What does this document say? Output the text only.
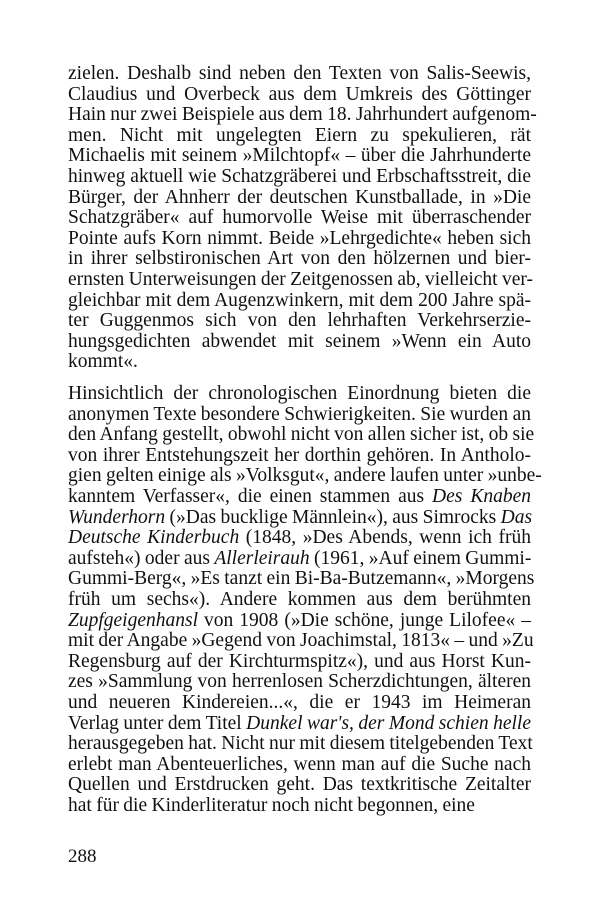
zielen. Deshalb sind neben den Texten von Salis-Seewis,
Claudius und Overbeck aus dem Umkreis des Göttinger
Hain nur zwei Beispiele aus dem 18. Jahrhundert aufgenom-
men. Nicht mit ungelegten Eiern zu spekulieren, rät
Michaelis mit seinem »Milchtopf« – über die Jahrhunderte
hinweg aktuell wie Schatzgräberei und Erbschaftsstreit, die
Bürger, der Ahnherr der deutschen Kunstballade, in »Die
Schatzgräber« auf humorvolle Weise mit überraschender
Pointe aufs Korn nimmt. Beide »Lehrgedichte« heben sich
in ihrer selbstironischen Art von den hölzernen und bier-
ernsten Unterweisungen der Zeitgenossen ab, vielleicht ver-
gleichbar mit dem Augenzwinkern, mit dem 200 Jahre spä-
ter Guggenmos sich von den lehrhaften Verkehrserzie-
hungsgedichten abwendet mit seinem »Wenn ein Auto
kommt«.
Hinsichtlich der chronologischen Einordnung bieten die
anonymen Texte besondere Schwierigkeiten. Sie wurden an
den Anfang gestellt, obwohl nicht von allen sicher ist, ob sie
von ihrer Entstehungszeit her dorthin gehören. In Antholo-
gien gelten einige als »Volksgut«, andere laufen unter »unbe-
kanntem Verfasser«, die einen stammen aus Des Knaben
Wunderhorn (»Das bucklige Männlein«), aus Simrocks Das
Deutsche Kinderbuch (1848, »Des Abends, wenn ich früh
aufsteh«) oder aus Allerleirauh (1961, »Auf einem Gummi-
Gummi-Berg«, »Es tanzt ein Bi-Ba-Butzemann«, »Morgens
früh um sechs«). Andere kommen aus dem berühmten
Zupfgeigenhansl von 1908 (»Die schöne, junge Lilofee« –
mit der Angabe »Gegend von Joachimstal, 1813« – und »Zu
Regensburg auf der Kirchturmspitz«), und aus Horst Kun-
zes »Sammlung von herrenlosen Scherzdichtungen, älteren
und neueren Kindereien...«, die er 1943 im Heimeran
Verlag unter dem Titel Dunkel war's, der Mond schien helle
herausgegeben hat. Nicht nur mit diesem titelgebenden Text
erlebt man Abenteuerliches, wenn man auf die Suche nach
Quellen und Erstdrucken geht. Das textkritische Zeitalter
hat für die Kinderliteratur noch nicht begonnen, eine
288
